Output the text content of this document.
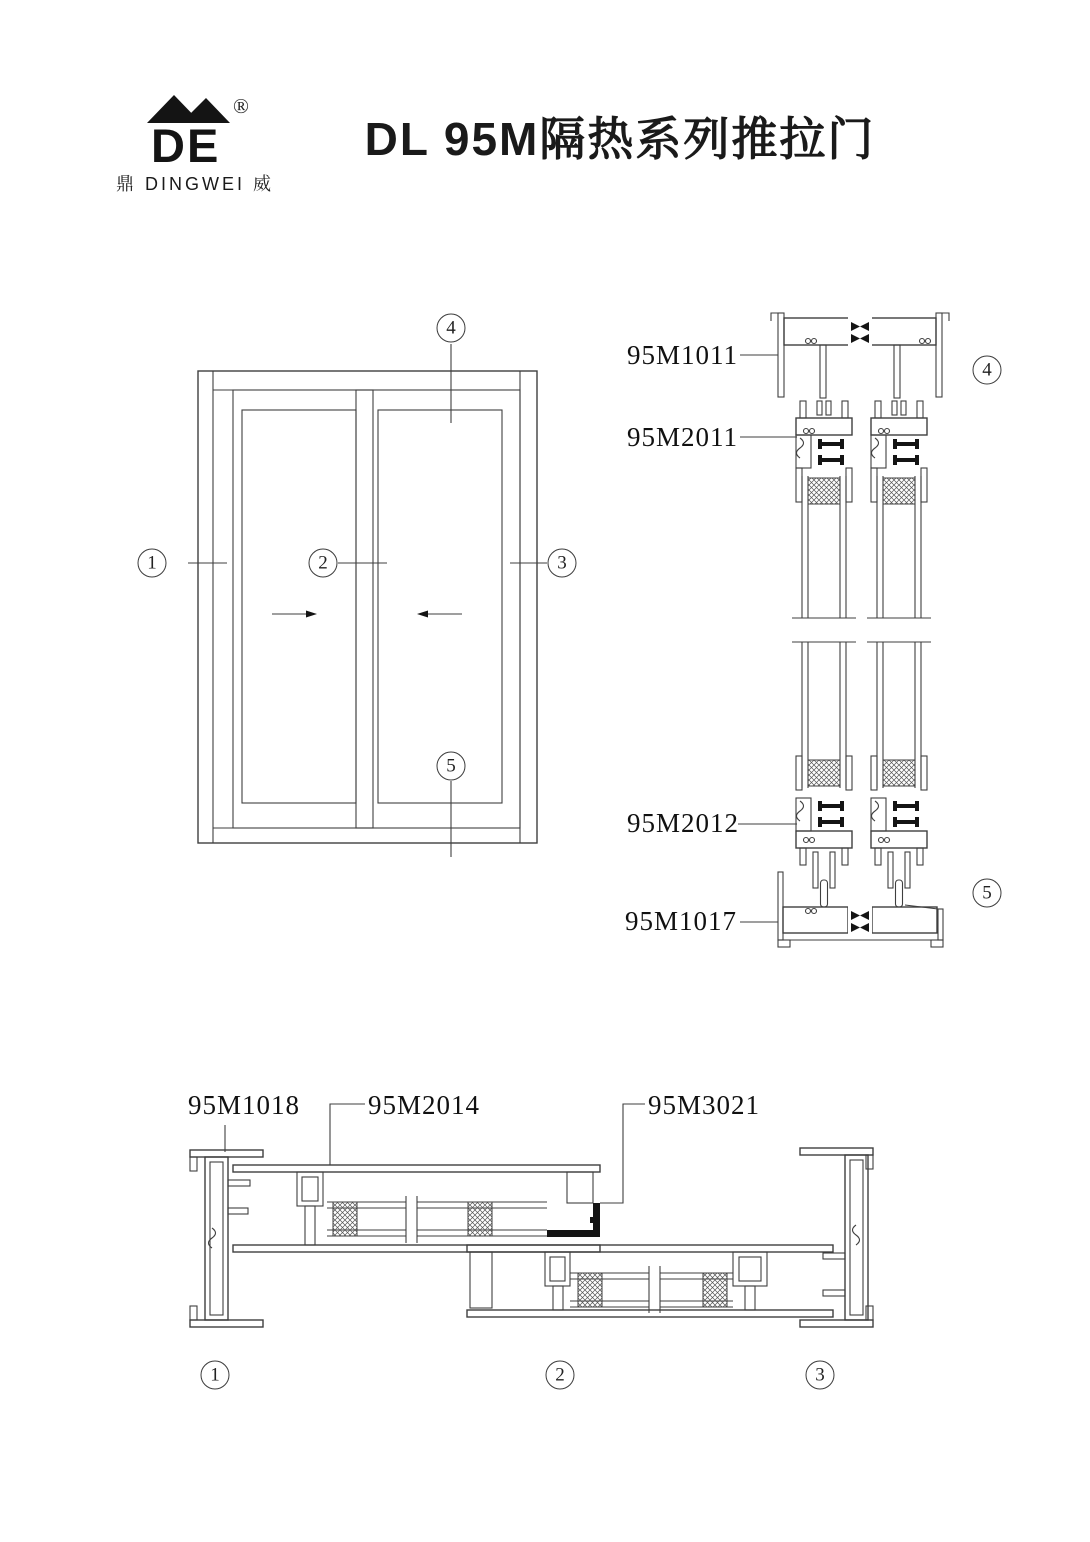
DE
®
鼎 DINGWEI 威
DL 95M隔热系列推拉门
95M1011
95M2011
95M2012
95M1017
95M1018	95M2014	95M3021
1	2	3
4
5
4
5
1	2	3
